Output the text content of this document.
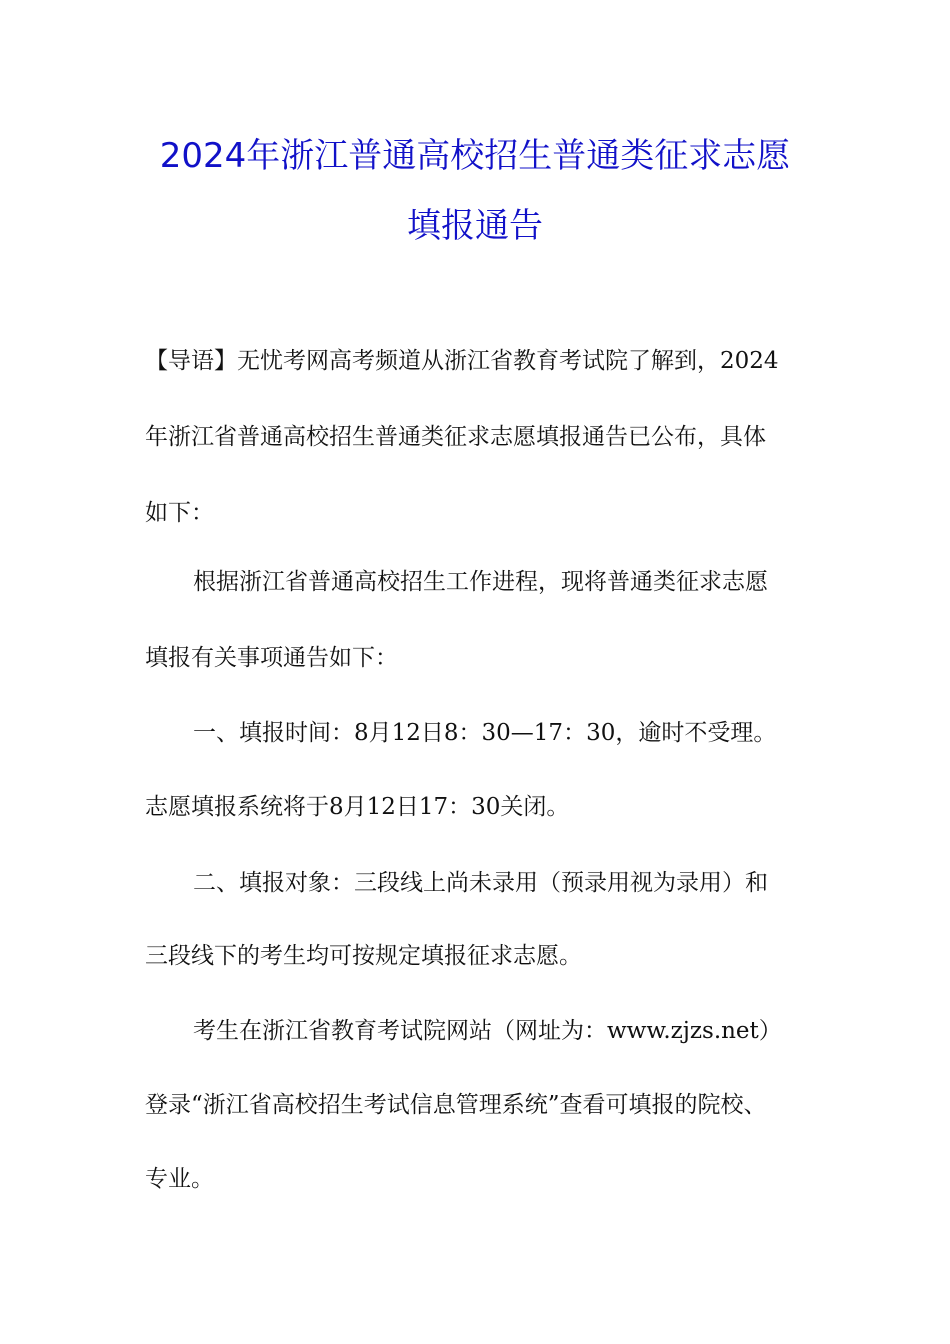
2024年浙江普通高校招生普通类征求志愿
填报通告
【导语】无忧考网高考频道从浙江省教育考试院了解到，2024
年浙江省普通高校招生普通类征求志愿填报通告已公布，具体
如下：
根据浙江省普通高校招生工作进程，现将普通类征求志愿
填报有关事项通告如下：
一、填报时间：8月12日8：30—17：30，逾时不受理。
志愿填报系统将于8月12日17：30关闭。
二、填报对象：三段线上尚未录用（预录用视为录用）和
三段线下的考生均可按规定填报征求志愿。
考生在浙江省教育考试院网站（网址为：www.zjzs.net）
登录“浙江省高校招生考试信息管理系统”查看可填报的院校、
专业。
